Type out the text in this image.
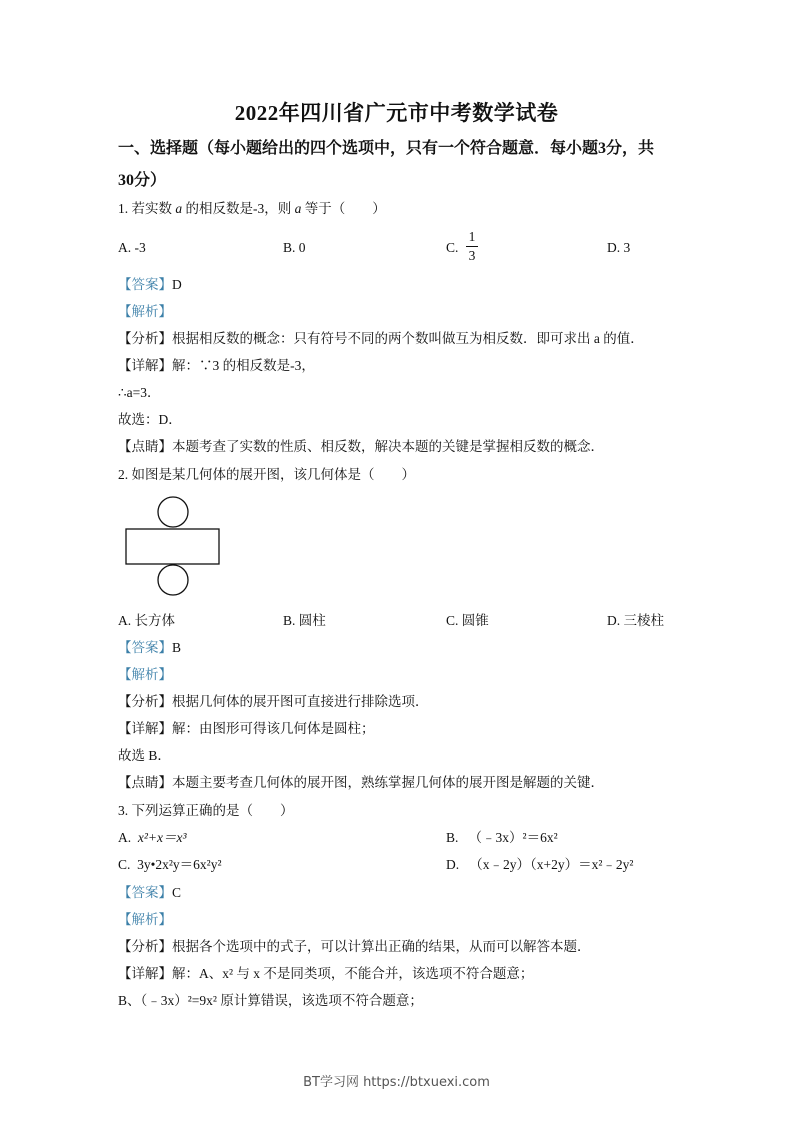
2022年四川省广元市中考数学试卷
一、选择题（每小题给出的四个选项中，只有一个符合题意．每小题3分，共
30分）
1. 若实数 a 的相反数是-3，则 a 等于（　　）
A. -3	B. 0	C.
1
3
D. 3
【答案】D
【解析】
【分析】根据相反数的概念：只有符号不同的两个数叫做互为相反数．即可求出 a 的值．
【详解】解：∵3 的相反数是-3，
∴a=3．
故选：D．
【点睛】本题考查了实数的性质、相反数，解决本题的关键是掌握相反数的概念．
2. 如图是某几何体的展开图，该几何体是（　　）
A. 长方体	B. 圆柱	C. 圆锥	D. 三棱柱
【答案】B
【解析】
【分析】根据几何体的展开图可直接进行排除选项．
【详解】解：由图形可得该几何体是圆柱；
故选 B．
【点睛】本题主要考查几何体的展开图，熟练掌握几何体的展开图是解题的关键．
3. 下列运算正确的是（　　）
A. x²+x＝x³	B. （﹣3x）²＝6x²
C. 3y•2x²y＝6x²y²	D. （x﹣2y）（x+2y）＝x²﹣2y²
【答案】C
【解析】
【分析】根据各个选项中的式子，可以计算出正确的结果，从而可以解答本题．
【详解】解：A、x² 与 x 不是同类项，不能合并，该选项不符合题意；
B、（﹣3x）²=9x² 原计算错误，该选项不符合题意；
BT学习网 https://btxuexi.com
